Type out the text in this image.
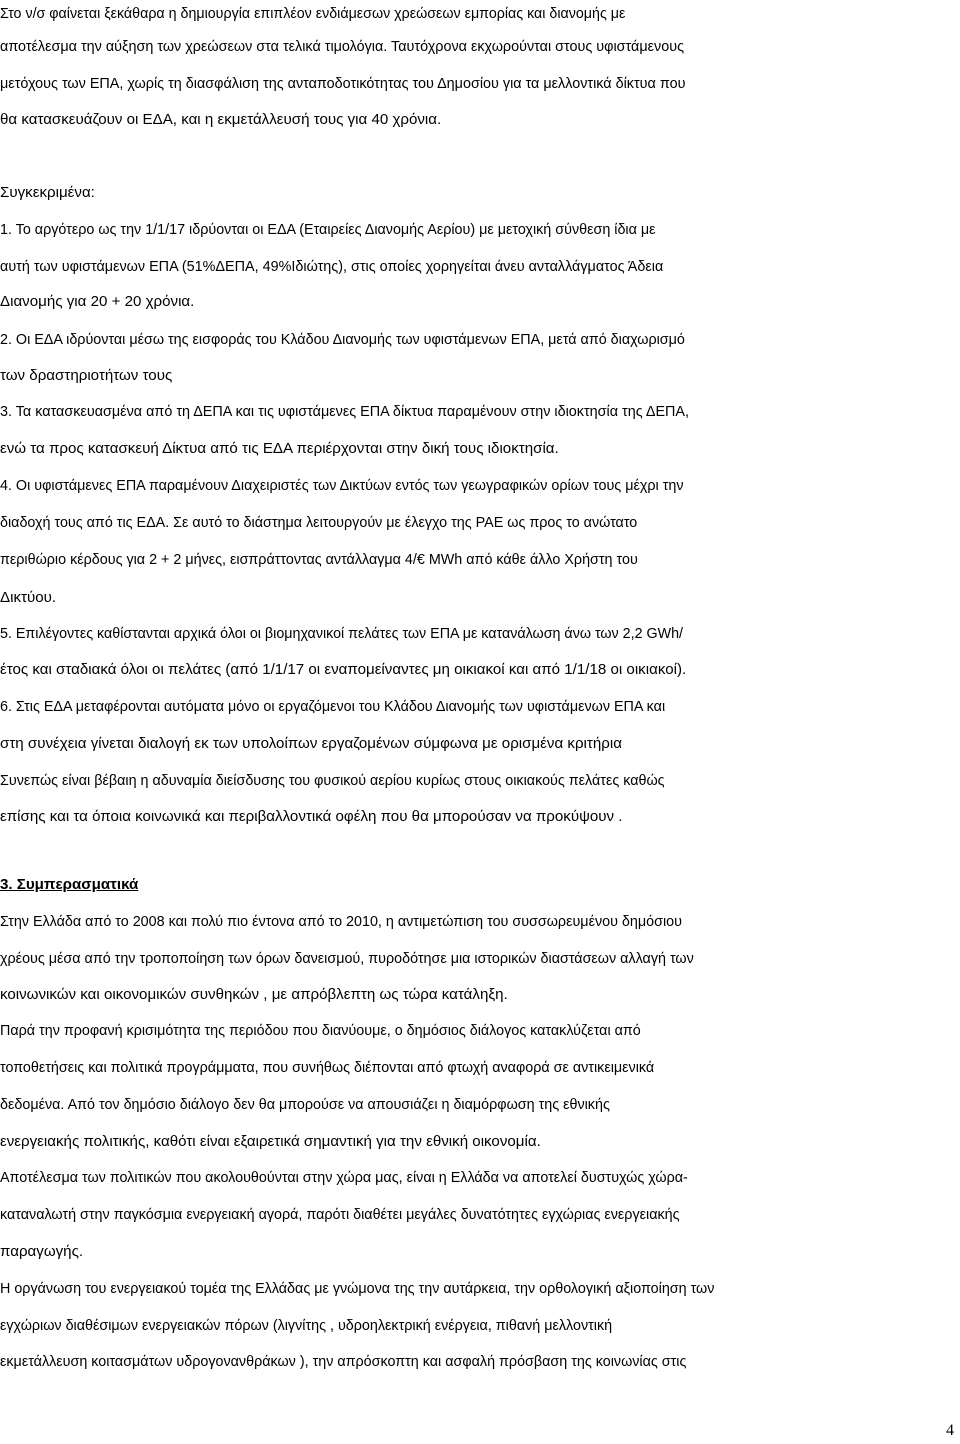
Στο ν/σ φαίνεται ξεκάθαρα η δημιουργία επιπλέον ενδιάμεσων χρεώσεων εμπορίας και διανομής με
αποτέλεσμα την αύξηση των χρεώσεων στα τελικά τιμολόγια. Ταυτόχρονα εκχωρούνται στους υφιστάμενους
μετόχους των ΕΠΑ, χωρίς τη διασφάλιση της ανταποδοτικότητας του Δημοσίου για τα μελλοντικά δίκτυα που
θα κατασκευάζουν οι ΕΔΑ, και η εκμετάλλευσή τους για 40 χρόνια.
Συγκεκριμένα:
1. Το αργότερο ως την 1/1/17 ιδρύονται οι ΕΔΑ (Εταιρείες Διανομής Αερίου) με μετοχική σύνθεση ίδια με
αυτή των υφιστάμενων ΕΠΑ (51%ΔΕΠΑ, 49%Ιδιώτης), στις οποίες χορηγείται άνευ ανταλλάγματος Άδεια
Διανομής για 20 + 20 χρόνια.
2. Οι ΕΔΑ ιδρύονται μέσω της εισφοράς του Κλάδου Διανομής των υφιστάμενων ΕΠΑ, μετά από διαχωρισμό
των δραστηριοτήτων τους
3. Τα κατασκευασμένα από τη ΔΕΠΑ και τις υφιστάμενες ΕΠΑ δίκτυα παραμένουν στην ιδιοκτησία της ΔΕΠΑ,
ενώ τα προς κατασκευή Δίκτυα από τις ΕΔΑ περιέρχονται στην δική τους ιδιοκτησία.
4. Οι υφιστάμενες ΕΠΑ παραμένουν Διαχειριστές των Δικτύων εντός των γεωγραφικών ορίων τους μέχρι την
διαδοχή τους από τις ΕΔΑ. Σε αυτό το διάστημα λειτουργούν με έλεγχο της ΡΑΕ ως προς το ανώτατο
περιθώριο κέρδους για 2 + 2 μήνες, εισπράττοντας αντάλλαγμα 4/€ MWh από κάθε άλλο Χρήστη του
Δικτύου.
5. Επιλέγοντες καθίστανται αρχικά όλοι οι βιομηχανικοί πελάτες των ΕΠΑ με κατανάλωση άνω των 2,2 GWh/
έτος και σταδιακά όλοι οι πελάτες (από 1/1/17 οι εναπομείναντες μη οικιακοί και από 1/1/18 οι οικιακοί).
6. Στις ΕΔΑ μεταφέρονται αυτόματα μόνο οι εργαζόμενοι του Κλάδου Διανομής των υφιστάμενων ΕΠΑ και
στη συνέχεια γίνεται διαλογή εκ των υπολοίπων εργαζομένων σύμφωνα με ορισμένα κριτήρια
Συνεπώς είναι βέβαιη η αδυναμία διείσδυσης του φυσικού αερίου κυρίως στους οικιακούς πελάτες καθώς
επίσης και τα όποια κοινωνικά και περιβαλλοντικά οφέλη που θα μπορούσαν να προκύψουν .
3. Συμπερασματικά
Στην Ελλάδα από το 2008 και πολύ πιο έντονα από το 2010, η αντιμετώπιση του συσσωρευμένου δημόσιου
χρέους μέσα από την τροποποίηση των όρων δανεισμού, πυροδότησε μια ιστορικών διαστάσεων αλλαγή των
κοινωνικών και οικονομικών συνθηκών , με απρόβλεπτη ως τώρα κατάληξη.
Παρά την προφανή κρισιμότητα της περιόδου που διανύουμε, ο δημόσιος διάλογος κατακλύζεται από
τοποθετήσεις και πολιτικά προγράμματα, που συνήθως διέπονται από φτωχή αναφορά σε αντικειμενικά
δεδομένα. Από τον δημόσιο διάλογο δεν θα μπορούσε να απουσιάζει η διαμόρφωση της εθνικής
ενεργειακής πολιτικής, καθότι είναι εξαιρετικά σημαντική για την εθνική οικονομία.
Αποτέλεσμα των πολιτικών που ακολουθούνται στην χώρα μας, είναι η Ελλάδα να αποτελεί δυστυχώς χώρα-
καταναλωτή στην παγκόσμια ενεργειακή αγορά, παρότι διαθέτει μεγάλες δυνατότητες εγχώριας ενεργειακής
παραγωγής.
Η οργάνωση του ενεργειακού τομέα της Ελλάδας με γνώμονα της την αυτάρκεια, την ορθολογική αξιοποίηση των
εγχώριων διαθέσιμων ενεργειακών πόρων (λιγνίτης , υδροηλεκτρική ενέργεια, πιθανή μελλοντική
εκμετάλλευση κοιτασμάτων υδρογονανθράκων ), την απρόσκοπτη και ασφαλή πρόσβαση της κοινωνίας στις
4
